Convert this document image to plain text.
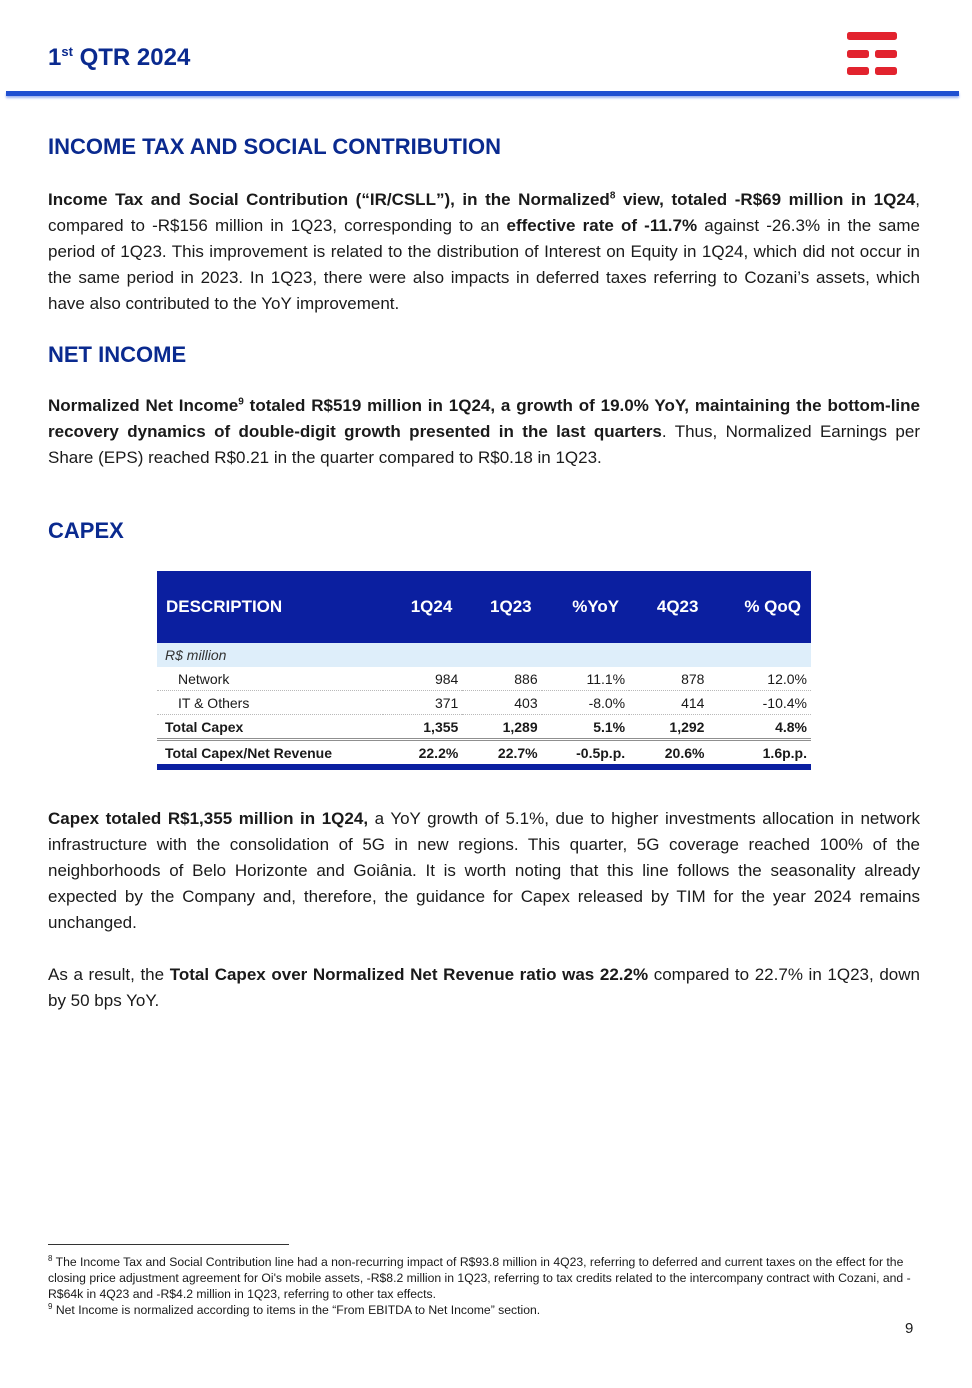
1st QTR 2024
INCOME TAX AND SOCIAL CONTRIBUTION

Income Tax and Social Contribution (“IR/CSLL”), in the Normalized$^8$ view, totaled -R$69 million in 1Q24, compared to -R$156 million in 1Q23, corresponding to an effective rate of -11.7% against -26.3% in the same period of 1Q23. This improvement is related to the distribution of Interest on Equity in 1Q24, which did not occur in the same period in 2023. In 1Q23, there were also impacts in deferred taxes referring to Cozani’s assets, which have also contributed to the YoY improvement.

NET INCOME

Normalized Net Income$^9$ totaled R$519 million in 1Q24, a growth of 19.0% YoY, maintaining the bottom-line recovery dynamics of double-digit growth presented in the last quarters. Thus, Normalized Earnings per Share (EPS) reached R$0.21 in the quarter compared to R$0.18 in 1Q23.

CAPEX
DESCRIPTION	1Q24	1Q23	%YoY	4Q23	% QoQ
R$ million					
Network	984	886	11.1%	878	12.0%
IT & Others	371	403	-8.0%	414	-10.4%
Total Capex	1,355	1,289	5.1%	1,292	4.8%
Total Capex/Net Revenue	22.2%	22.7%	-0.5p.p.	20.6%	1.6p.p.

Capex totaled R$1,355 million in 1Q24, a YoY growth of 5.1%, due to higher investments allocation in network infrastructure with the consolidation of 5G in new regions. This quarter, 5G coverage reached 100% of the neighborhoods of Belo Horizonte and Goiânia. It is worth noting that this line follows the seasonality already expected by the Company and, therefore, the guidance for Capex released by TIM for the year 2024 remains unchanged.

As a result, the Total Capex over Normalized Net Revenue ratio was 22.2% compared to 22.7% in 1Q23, down by 50 bps YoY.

$^8$ The Income Tax and Social Contribution line had a non-recurring impact of R$93.8 million in 4Q23, referring to deferred and current taxes on the effect for the closing price adjustment agreement for Oi's mobile assets, -R$8.2 million in 1Q23, referring to tax credits related to the intercompany contract with Cozani, and -R$64k in 4Q23 and -R$4.2 million in 1Q23, referring to other tax effects.

$^9$ Net Income is normalized according to items in the “From EBITDA to Net Income” section.

9
